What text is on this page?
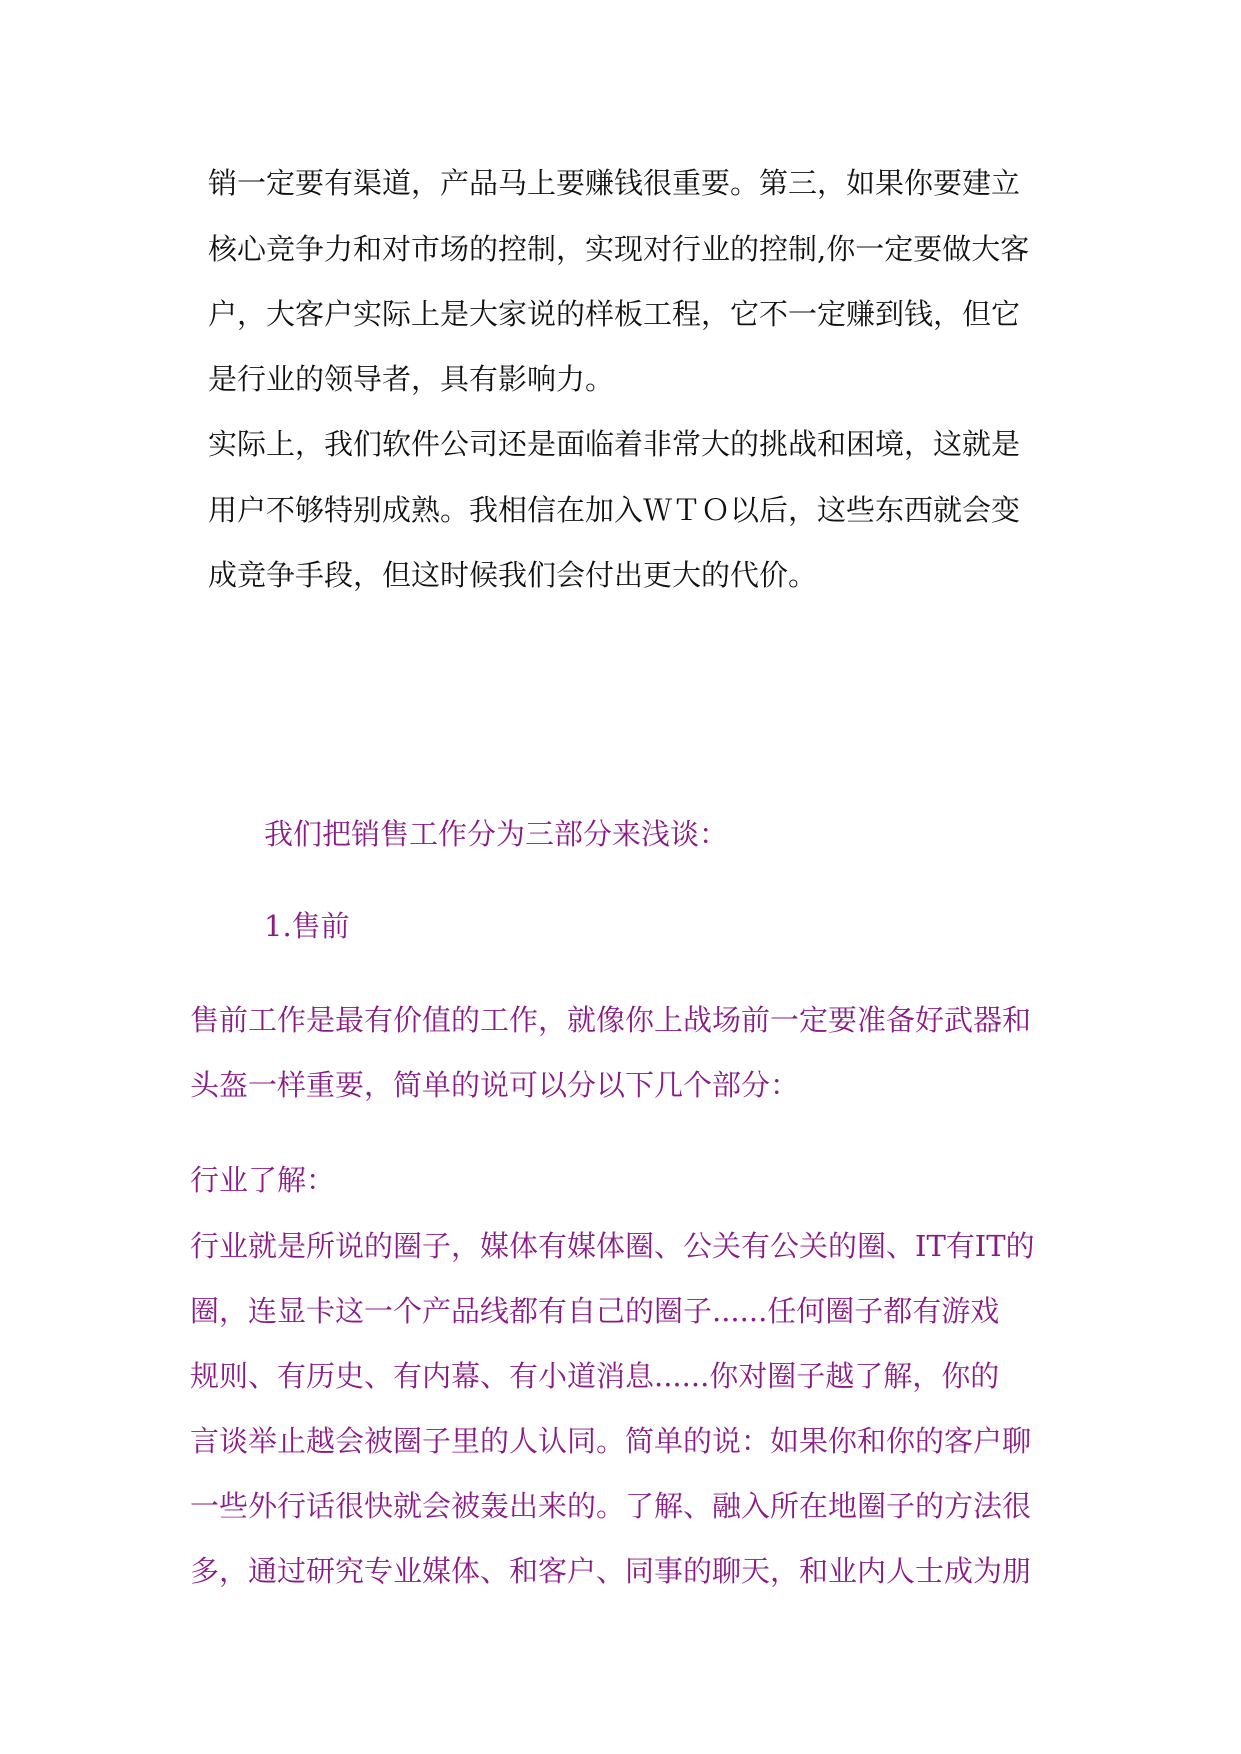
销一定要有渠道，产品马上要赚钱很重要。第三，如果你要建立

核心竞争力和对市场的控制，实现对行业的控制,你一定要做大客

户，大客户实际上是大家说的样板工程，它不一定赚到钱，但它

是行业的领导者，具有影响力。

实际上，我们软件公司还是面临着非常大的挑战和困境，这就是

用户不够特别成熟。我相信在加入ＷＴＯ以后，这些东西就会变

成竞争手段，但这时候我们会付出更大的代价。

我们把销售工作分为三部分来浅谈：

1.售前

售前工作是最有价值的工作，就像你上战场前一定要准备好武器和

头盔一样重要，简单的说可以分以下几个部分：

行业了解：

行业就是所说的圈子，媒体有媒体圈、公关有公关的圈、IT有IT的

圈，连显卡这一个产品线都有自己的圈子......任何圈子都有游戏

规则、有历史、有内幕、有小道消息......你对圈子越了解，你的

言谈举止越会被圈子里的人认同。简单的说：如果你和你的客户聊

一些外行话很快就会被轰出来的。了解、融入所在地圈子的方法很

多，通过研究专业媒体、和客户、同事的聊天，和业内人士成为朋
